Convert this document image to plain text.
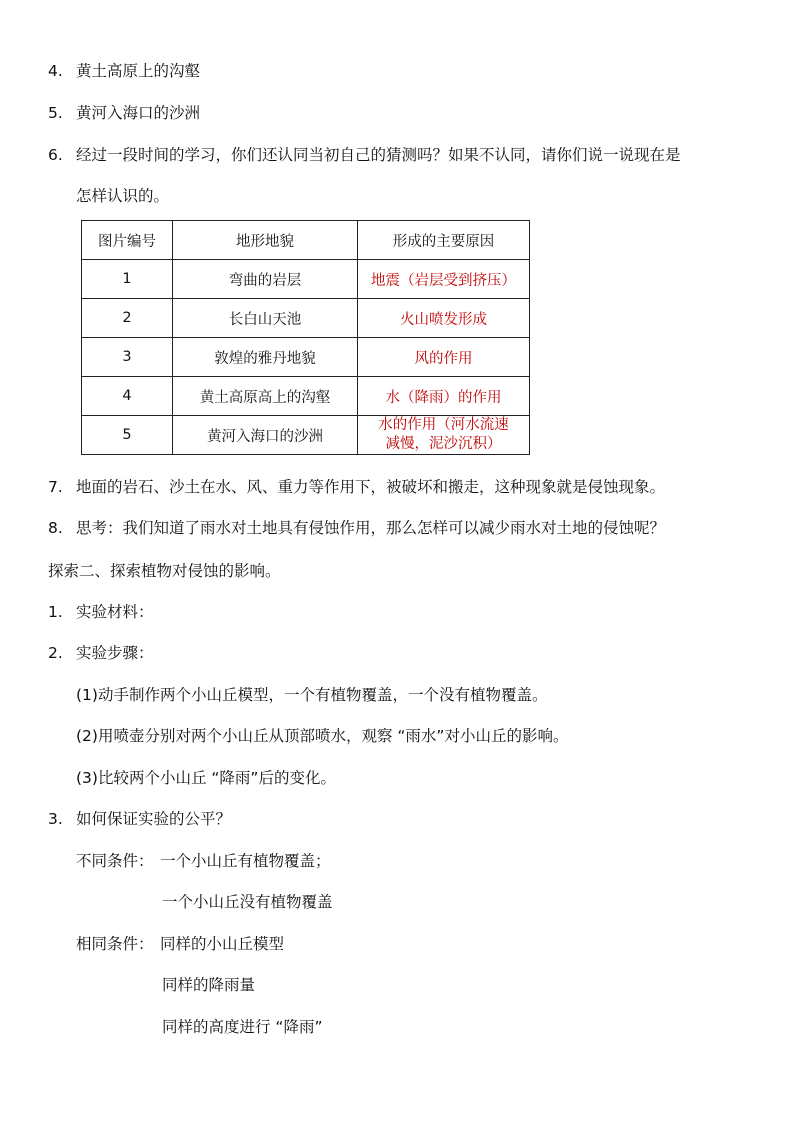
4. 黄土高原上的沟壑
5. 黄河入海口的沙洲
6. 经过一段时间的学习，你们还认同当初自己的猜测吗？如果不认同，请你们说一说现在是
怎样认识的。
图片编号	地形地貌	形成的主要原因
1	弯曲的岩层	地震（岩层受到挤压）
2	长白山天池	火山喷发形成
3	敦煌的雅丹地貌	风的作用
4	黄土高原高上的沟壑	水（降雨）的作用
5	黄河入海口的沙洲	水的作用（河水流速
减慢，泥沙沉积）
7. 地面的岩石、沙土在水、风、重力等作用下，被破坏和搬走，这种现象就是侵蚀现象。
8. 思考：我们知道了雨水对土地具有侵蚀作用，那么怎样可以减少雨水对土地的侵蚀呢？
探索二、探索植物对侵蚀的影响。
1. 实验材料：
2. 实验步骤：
(1)动手制作两个小山丘模型，一个有植物覆盖，一个没有植物覆盖。
(2)用喷壶分别对两个小山丘从顶部喷水，观察 “雨水”对小山丘的影响。
(3)比较两个小山丘 “降雨”后的变化。
3. 如何保证实验的公平？
不同条件： 一个小山丘有植物覆盖；
一个小山丘没有植物覆盖
相同条件： 同样的小山丘模型
同样的降雨量
同样的高度进行 “降雨”
